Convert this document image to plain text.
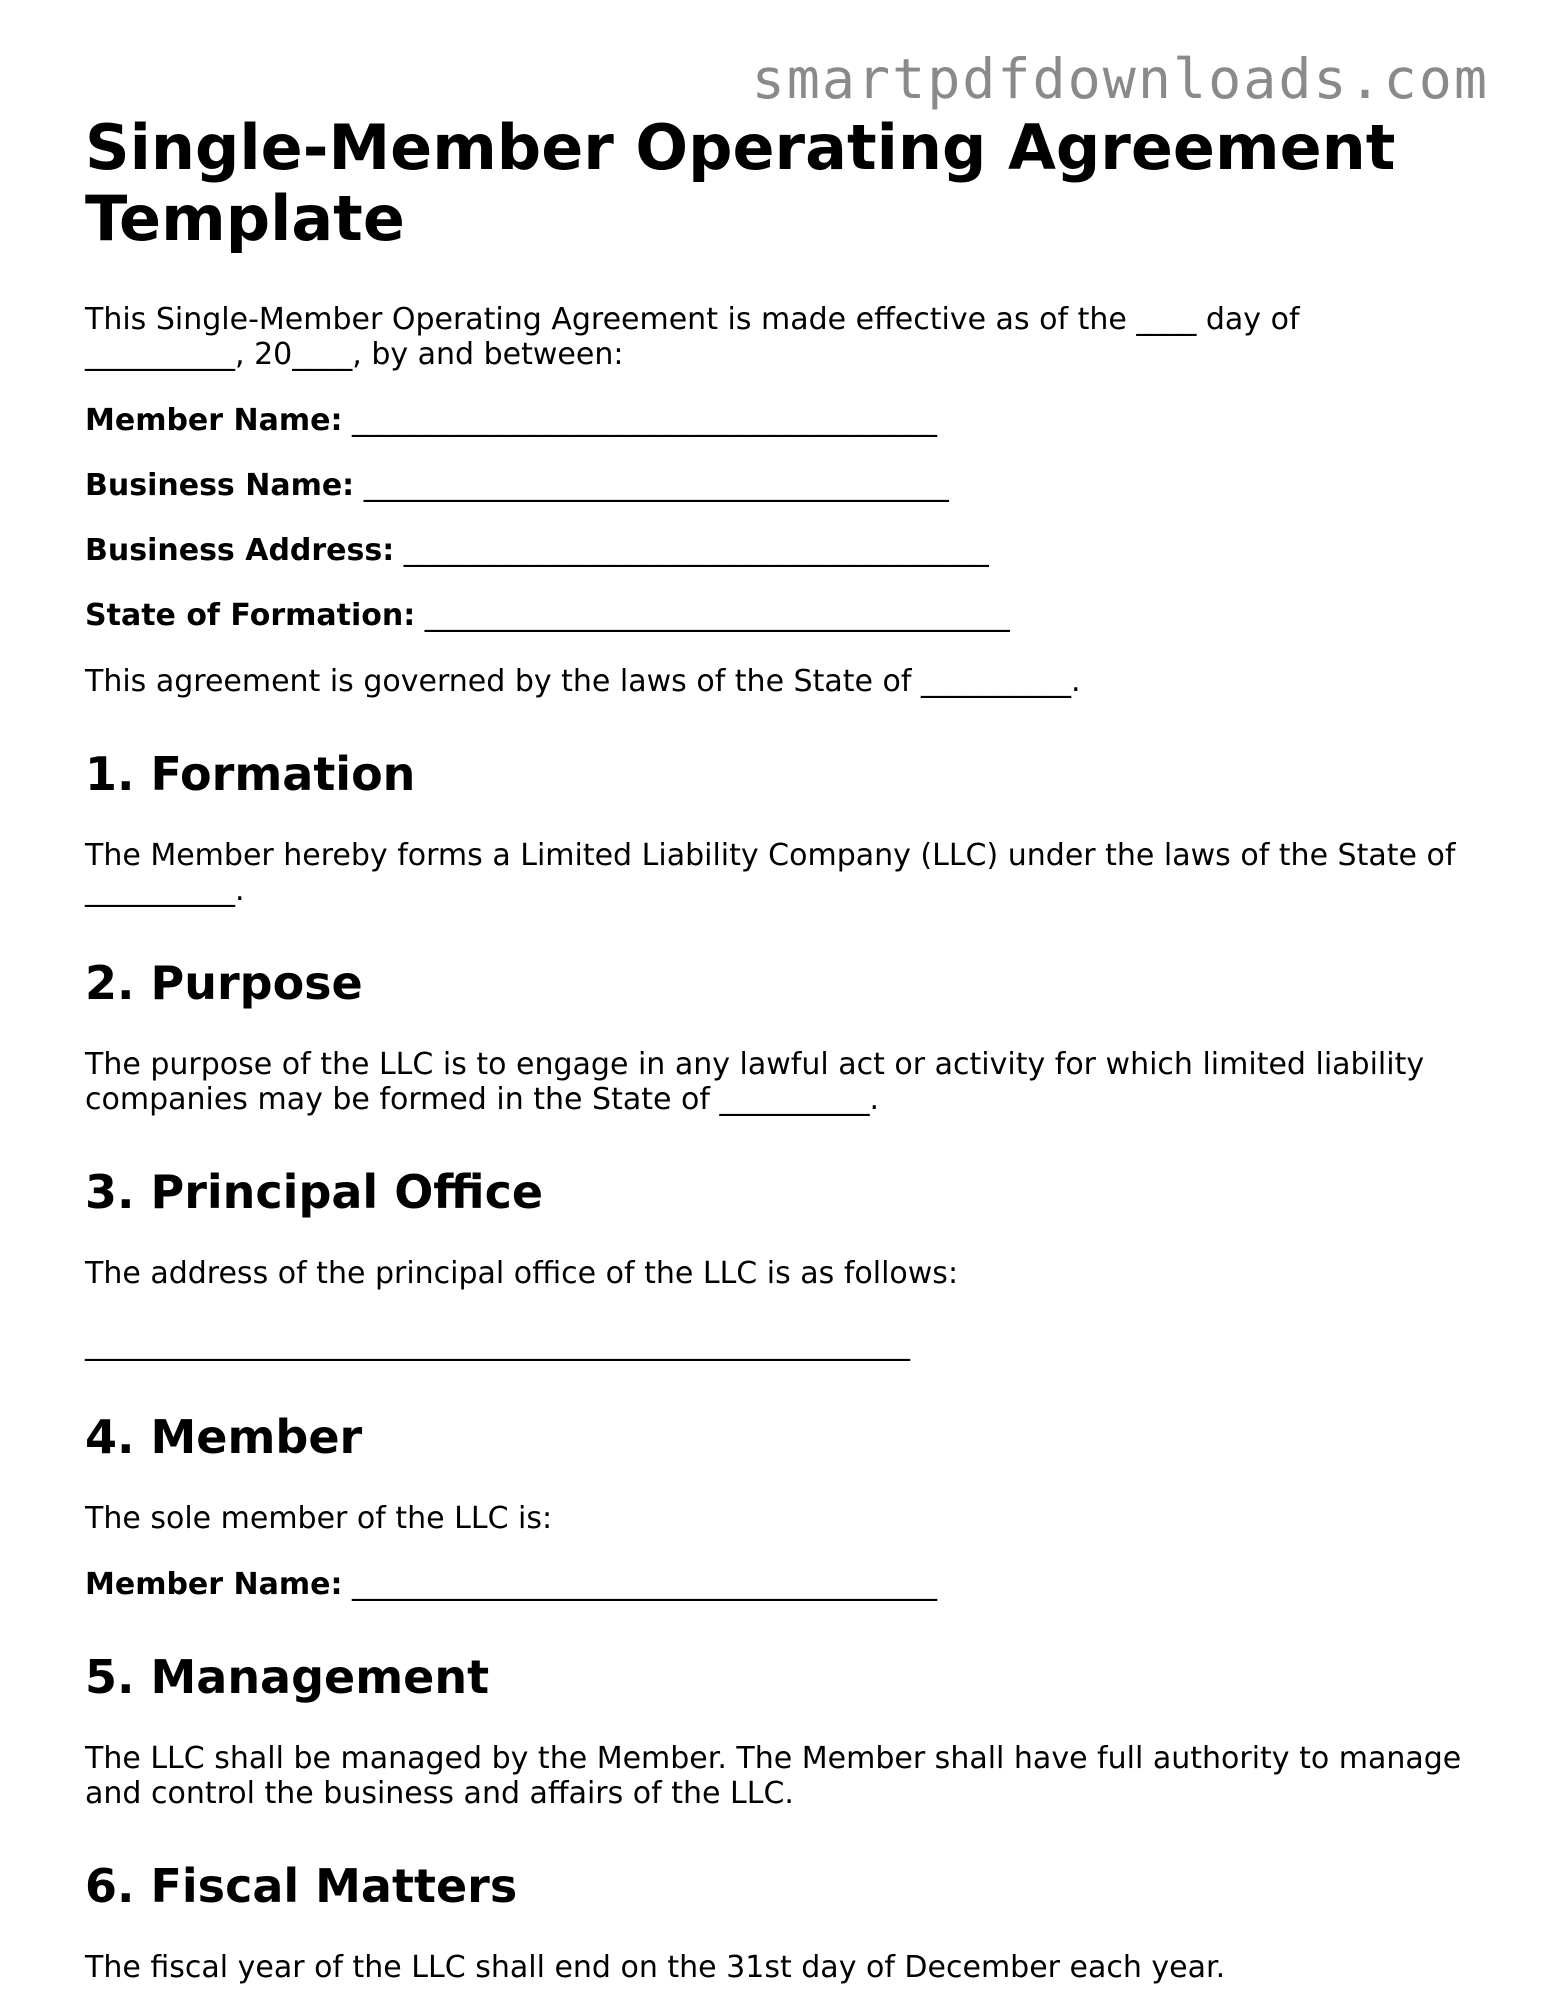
smartpdfdownloads.com
Single-Member Operating Agreement Template

This Single-Member Operating Agreement is made effective as of the ____ day of __________, 20____, by and between:

Member Name: _______________________________________
Business Name: _______________________________________
Business Address: _______________________________________
State of Formation: _______________________________________

This agreement is governed by the laws of the State of __________.

1. Formation

The Member hereby forms a Limited Liability Company (LLC) under the laws of the State of __________.

2. Purpose

The purpose of the LLC is to engage in any lawful act or activity for which limited liability companies may be formed in the State of __________.

3. Principal Office

The address of the principal office of the LLC is as follows:

_______________________________________________________
4. Member

The sole member of the LLC is:

Member Name: _______________________________________
5. Management

The LLC shall be managed by the Member. The Member shall have full authority to manage and control the business and affairs of the LLC.

6. Fiscal Matters

The fiscal year of the LLC shall end on the 31st day of December each year.
